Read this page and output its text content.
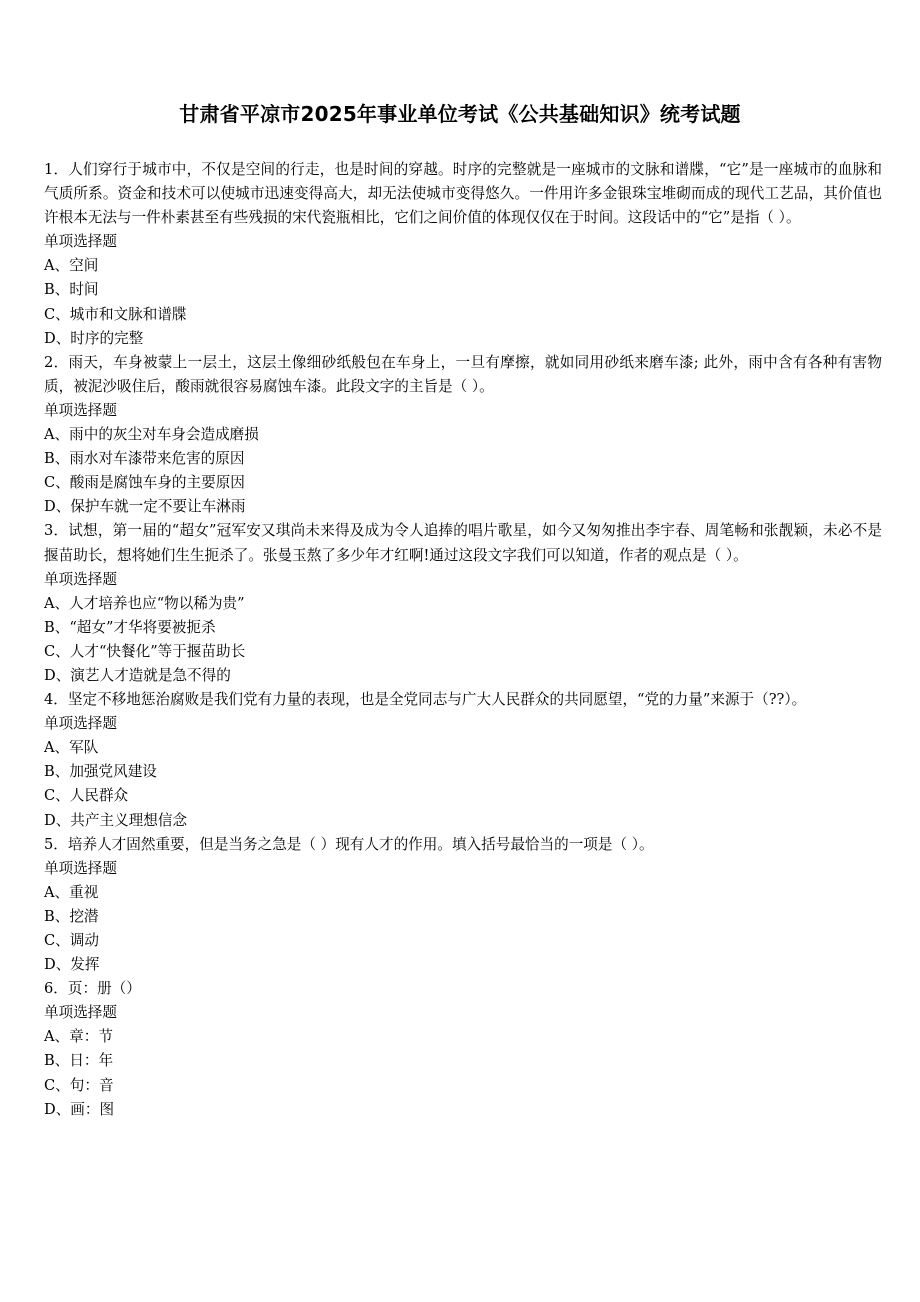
甘肃省平凉市2025年事业单位考试《公共基础知识》统考试题

1．人们穿行于城市中，不仅是空间的行走，也是时间的穿越。时序的完整就是一座城市的文脉和谱牒，“它”是一座城市的血脉和气质所系。资金和技术可以使城市迅速变得高大，却无法使城市变得悠久。一件用许多金银珠宝堆砌而成的现代工艺品，其价值也许根本无法与一件朴素甚至有些残损的宋代瓷瓶相比，它们之间价值的体现仅仅在于时间。这段话中的“它”是指（ ）。

单项选择题

A、空间

B、时间

C、城市和文脉和谱牒

D、时序的完整

2．雨天，车身被蒙上一层土，这层土像细砂纸般包在车身上，一旦有摩擦，就如同用砂纸来磨车漆; 此外，雨中含有各种有害物质，被泥沙吸住后，酸雨就很容易腐蚀车漆。此段文字的主旨是（ ）。

单项选择题

A、雨中的灰尘对车身会造成磨损

B、雨水对车漆带来危害的原因

C、酸雨是腐蚀车身的主要原因

D、保护车就一定不要让车淋雨

3．试想，第一届的“超女”冠军安又琪尚未来得及成为令人追捧的唱片歌星，如今又匆匆推出李宇春、周笔畅和张靓颖，未必不是揠苗助长，想将她们生生扼杀了。张曼玉熬了多少年才红啊!通过这段文字我们可以知道，作者的观点是（ ）。

单项选择题

A、人才培养也应“物以稀为贵”

B、“超女”才华将要被扼杀

C、人才“快餐化”等于揠苗助长

D、演艺人才造就是急不得的

4．坚定不移地惩治腐败是我们党有力量的表现，也是全党同志与广大人民群众的共同愿望，“党的力量”来源于（??）。

单项选择题

A、军队

B、加强党风建设

C、人民群众

D、共产主义理想信念

5．培养人才固然重要，但是当务之急是（ ）现有人才的作用。填入括号最恰当的一项是（ ）。

单项选择题

A、重视

B、挖潜

C、调动

D、发挥

6．页：册（）

单项选择题

A、章：节

B、日：年

C、句：音

D、画：图
